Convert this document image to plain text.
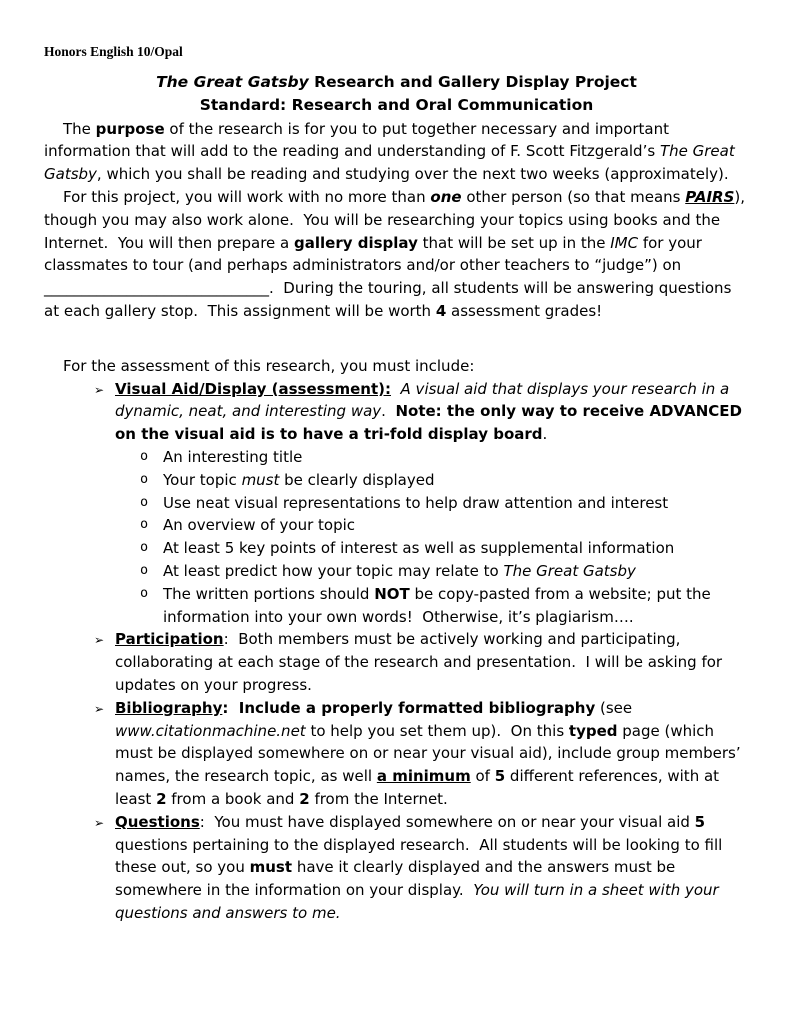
Honors English 10/Opal
The Great Gatsby Research and Gallery Display Project
Standard: Research and Oral Communication
The purpose of the research is for you to put together necessary and important information that will add to the reading and understanding of F. Scott Fitzgerald’s The Great Gatsby, which you shall be reading and studying over the next two weeks (approximately).
For this project, you will work with no more than one other person (so that means PAIRS), though you may also work alone.  You will be researching your topics using books and the Internet.  You will then prepare a gallery display that will be set up in the IMC for your classmates to tour (and perhaps administrators and/or other teachers to “judge”) on ______________________________.  During the touring, all students will be answering questions at each gallery stop.  This assignment will be worth 4 assessment grades!
For the assessment of this research, you must include:
➢ Visual Aid/Display (assessment): A visual aid that displays your research in a dynamic, neat, and interesting way.  Note: the only way to receive ADVANCED on the visual aid is to have a tri-fold display board.
o An interesting title
o Your topic must be clearly displayed
o Use neat visual representations to help draw attention and interest
o An overview of your topic
o At least 5 key points of interest as well as supplemental information
o At least predict how your topic may relate to The Great Gatsby
o The written portions should NOT be copy-pasted from a website; put the information into your own words!  Otherwise, it’s plagiarism….
➢ Participation:  Both members must be actively working and participating, collaborating at each stage of the research and presentation.  I will be asking for updates on your progress.
➢ Bibliography:  Include a properly formatted bibliography (see www.citationmachine.net to help you set them up).  On this typed page (which must be displayed somewhere on or near your visual aid), include group members’ names, the research topic, as well a minimum of 5 different references, with at least 2 from a book and 2 from the Internet.
➢ Questions:  You must have displayed somewhere on or near your visual aid 5 questions pertaining to the displayed research.  All students will be looking to fill these out, so you must have it clearly displayed and the answers must be somewhere in the information on your display.  You will turn in a sheet with your questions and answers to me.
